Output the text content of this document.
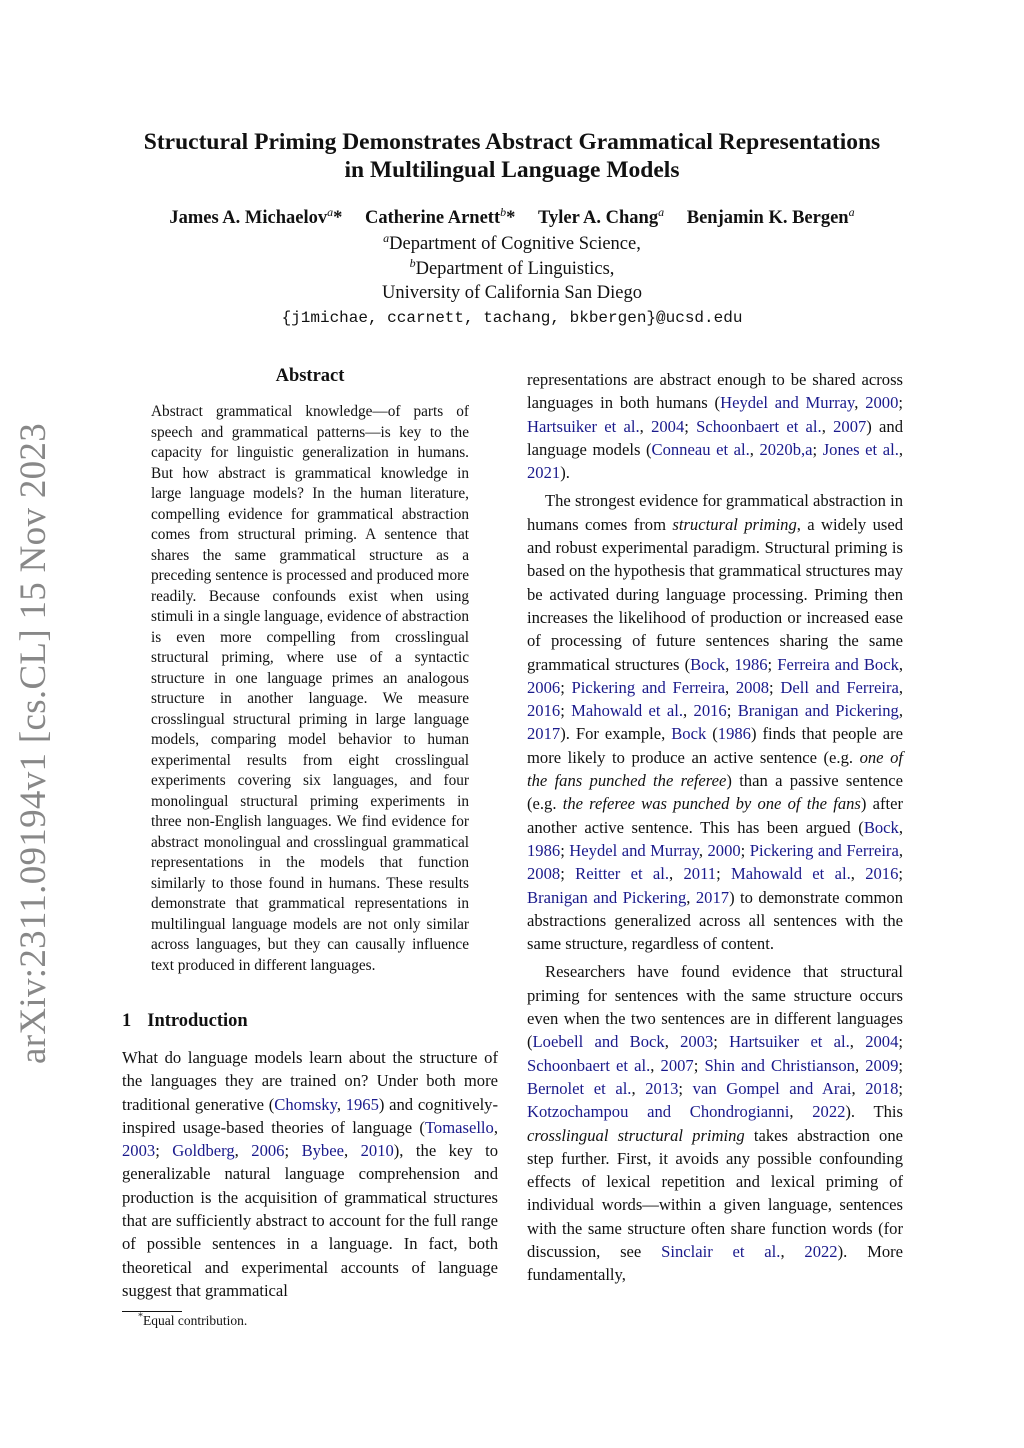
arXiv:2311.09194v1 [cs.CL] 15 Nov 2023
Structural Priming Demonstrates Abstract Grammatical Representations
in Multilingual Language Models
James A. Michaelov$^a$* Catherine Arnett$^b$* Tyler A. Chang$^a$ Benjamin K. Bergen$^a$
$^a$Department of Cognitive Science,
$^b$Department of Linguistics,
University of California San Diego
{j1michae, ccarnett, tachang, bkbergen}@ucsd.edu
Abstract
Abstract grammatical knowledge—of parts of speech and grammatical patterns—is key to the capacity for linguistic generalization in humans. But how abstract is grammatical knowledge in large language models? In the human literature, compelling evidence for grammatical abstraction comes from structural priming. A sentence that shares the same grammatical structure as a preceding sentence is processed and produced more readily. Because confounds exist when using stimuli in a single language, evidence of abstraction is even more compelling from crosslingual structural priming, where use of a syntactic structure in one language primes an analogous structure in another language. We measure crosslingual structural priming in large language models, comparing model behavior to human experimental results from eight crosslingual experiments covering six languages, and four monolingual structural priming experiments in three non-English languages. We find evidence for abstract monolingual and crosslingual grammatical representations in the models that function similarly to those found in humans. These results demonstrate that grammatical representations in multilingual language models are not only similar across languages, but they can causally influence text produced in different languages.
1 Introduction

What do language models learn about the structure of the languages they are trained on? Under both more traditional generative (Chomsky, 1965) and cognitively-inspired usage-based theories of language (Tomasello, 2003; Goldberg, 2006; Bybee, 2010), the key to generalizable natural language comprehension and production is the acquisition of grammatical structures that are sufficiently abstract to account for the full range of possible sentences in a language. In fact, both theoretical and experimental accounts of language suggest that grammatical

representations are abstract enough to be shared across languages in both humans (Heydel and Murray, 2000; Hartsuiker et al., 2004; Schoonbaert et al., 2007) and language models (Conneau et al., 2020b,a; Jones et al., 2021).

The strongest evidence for grammatical abstraction in humans comes from structural priming, a widely used and robust experimental paradigm. Structural priming is based on the hypothesis that grammatical structures may be activated during language processing. Priming then increases the likelihood of production or increased ease of processing of future sentences sharing the same grammatical structures (Bock, 1986; Ferreira and Bock, 2006; Pickering and Ferreira, 2008; Dell and Ferreira, 2016; Mahowald et al., 2016; Branigan and Pickering, 2017). For example, Bock (1986) finds that people are more likely to produce an active sentence (e.g. one of the fans punched the referee) than a passive sentence (e.g. the referee was punched by one of the fans) after another active sentence. This has been argued (Bock, 1986; Heydel and Murray, 2000; Pickering and Ferreira, 2008; Reitter et al., 2011; Mahowald et al., 2016; Branigan and Pickering, 2017) to demonstrate common abstractions generalized across all sentences with the same structure, regardless of content.

Researchers have found evidence that structural priming for sentences with the same structure occurs even when the two sentences are in different languages (Loebell and Bock, 2003; Hartsuiker et al., 2004; Schoonbaert et al., 2007; Shin and Christianson, 2009; Bernolet et al., 2013; van Gompel and Arai, 2018; Kotzochampou and Chondrogianni, 2022). This crosslingual structural priming takes abstraction one step further. First, it avoids any possible confounding effects of lexical repetition and lexical priming of individual words—within a given language, sentences with the same structure often share function words (for discussion, see Sinclair et al., 2022). More fundamentally,

*Equal contribution.
